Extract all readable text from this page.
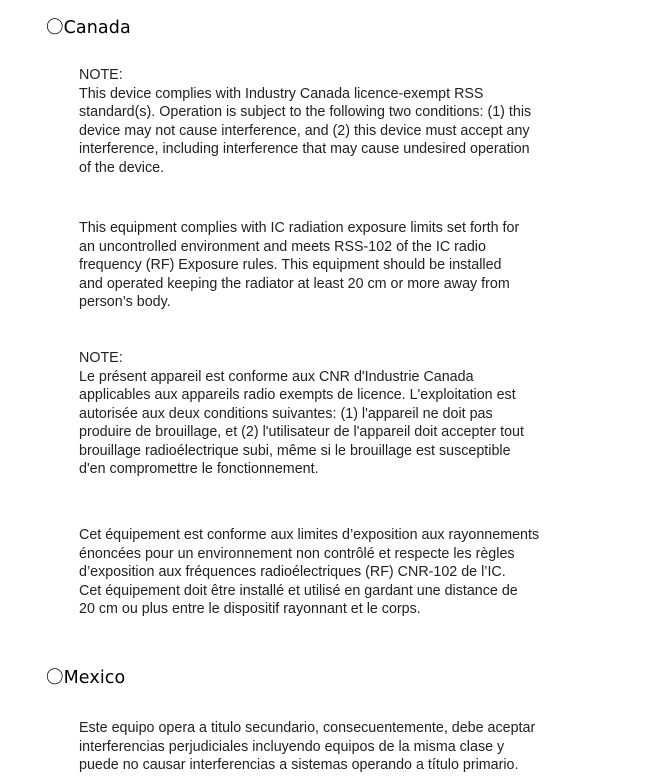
〇Canada

NOTE:
This device complies with Industry Canada licence-exempt RSS
standard(s). Operation is subject to the following two conditions: (1) this
device may not cause interference, and (2) this device must accept any
interference, including interference that may cause undesired operation
of the device.

This equipment complies with IC radiation exposure limits set forth for
an uncontrolled environment and meets RSS-102 of the IC radio
frequency (RF) Exposure rules. This equipment should be installed
and operated keeping the radiator at least 20 cm or more away from
person’s body.

NOTE:
Le présent appareil est conforme aux CNR d'Industrie Canada
applicables aux appareils radio exempts de licence. L'exploitation est
autorisée aux deux conditions suivantes: (1) l'appareil ne doit pas
produire de brouillage, et (2) l'utilisateur de l'appareil doit accepter tout
brouillage radioélectrique subi, même si le brouillage est susceptible
d'en compromettre le fonctionnement.

Cet équipement est conforme aux limites d’exposition aux rayonnements
énoncées pour un environnement non contrôlé et respecte les règles
d’exposition aux fréquences radioélectriques (RF) CNR-102 de l’IC.
Cet équipement doit être installé et utilisé en gardant une distance de
20 cm ou plus entre le dispositif rayonnant et le corps.

〇Mexico

Este equipo opera a titulo secundario, consecuentemente, debe aceptar
interferencias perjudiciales incluyendo equipos de la misma clase y
puede no causar interferencias a sistemas operando a título primario.
